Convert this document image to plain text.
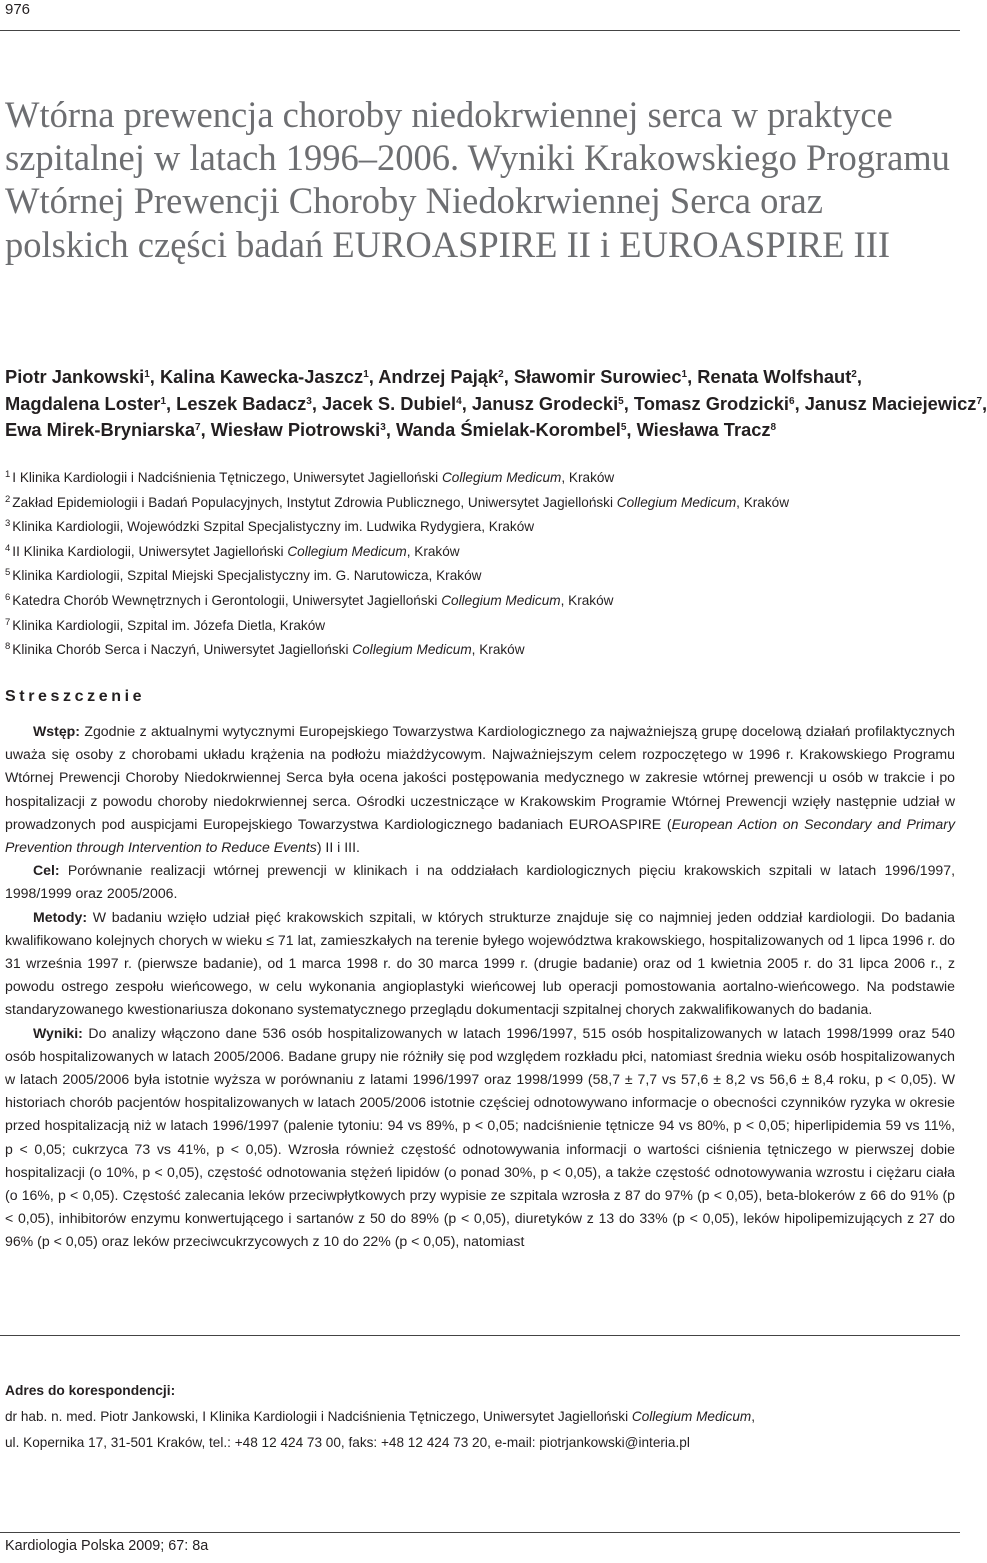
976
Wtórna prewencja choroby niedokrwiennej serca w praktyce szpitalnej w latach 1996–2006. Wyniki Krakowskiego Programu Wtórnej Prewencji Choroby Niedokrwiennej Serca oraz polskich części badań EUROASPIRE II i EUROASPIRE III
Piotr Jankowski$^1$, Kalina Kawecka-Jaszcz$^1$, Andrzej Pająk$^2$, Sławomir Surowiec$^1$, Renata Wolfshaut$^2$,
Magdalena Loster$^1$, Leszek Badacz$^3$, Jacek S. Dubiel$^4$, Janusz Grodecki$^5$, Tomasz Grodzicki$^6$, Janusz Maciejewicz$^7$,
Ewa Mirek-Bryniarska$^7$, Wiesław Piotrowski$^3$, Wanda Śmielak-Korombel$^5$, Wiesława Tracz$^8$
$^1$ I Klinika Kardiologii i Nadciśnienia Tętniczego, Uniwersytet Jagielloński Collegium Medicum, Kraków
$^2$ Zakład Epidemiologii i Badań Populacyjnych, Instytut Zdrowia Publicznego, Uniwersytet Jagielloński Collegium Medicum, Kraków
$^3$ Klinika Kardiologii, Wojewódzki Szpital Specjalistyczny im. Ludwika Rydygiera, Kraków
$^4$ II Klinika Kardiologii, Uniwersytet Jagielloński Collegium Medicum, Kraków
$^5$ Klinika Kardiologii, Szpital Miejski Specjalistyczny im. G. Narutowicza, Kraków
$^6$ Katedra Chorób Wewnętrznych i Gerontologii, Uniwersytet Jagielloński Collegium Medicum, Kraków
$^7$ Klinika Kardiologii, Szpital im. Józefa Dietla, Kraków
$^8$ Klinika Chorób Serca i Naczyń, Uniwersytet Jagielloński Collegium Medicum, Kraków
Streszczenie

Wstęp: Zgodnie z aktualnymi wytycznymi Europejskiego Towarzystwa Kardiologicznego za najważniejszą grupę docelową działań profilaktycznych uważa się osoby z chorobami układu krążenia na podłożu miażdżycowym. Najważniejszym celem rozpoczętego w 1996 r. Krakowskiego Programu Wtórnej Prewencji Choroby Niedokrwiennej Serca była ocena jakości postępowania medycznego w zakresie wtórnej prewencji u osób w trakcie i po hospitalizacji z powodu choroby niedokrwiennej serca. Ośrodki uczestniczące w Krakowskim Programie Wtórnej Prewencji wzięły następnie udział w prowadzonych pod auspicjami Europejskiego Towarzystwa Kardiologicznego badaniach EUROASPIRE (European Action on Secondary and Primary Prevention through Intervention to Reduce Events) II i III.

Cel: Porównanie realizacji wtórnej prewencji w klinikach i na oddziałach kardiologicznych pięciu krakowskich szpitali w latach 1996/1997, 1998/1999 oraz 2005/2006.

Metody: W badaniu wzięło udział pięć krakowskich szpitali, w których strukturze znajduje się co najmniej jeden oddział kardiologii. Do badania kwalifikowano kolejnych chorych w wieku ≤ 71 lat, zamieszkałych na terenie byłego województwa krakowskiego, hospitalizowanych od 1 lipca 1996 r. do 31 września 1997 r. (pierwsze badanie), od 1 marca 1998 r. do 30 marca 1999 r. (drugie badanie) oraz od 1 kwietnia 2005 r. do 31 lipca 2006 r., z powodu ostrego zespołu wieńcowego, w celu wykonania angioplastyki wieńcowej lub operacji pomostowania aortalno-wieńcowego. Na podstawie standaryzowanego kwestionariusza dokonano systematycznego przeglądu dokumentacji szpitalnej chorych zakwalifikowanych do badania.

Wyniki: Do analizy włączono dane 536 osób hospitalizowanych w latach 1996/1997, 515 osób hospitalizowanych w latach 1998/1999 oraz 540 osób hospitalizowanych w latach 2005/2006. Badane grupy nie różniły się pod względem rozkładu płci, natomiast średnia wieku osób hospitalizowanych w latach 2005/2006 była istotnie wyższa w porównaniu z latami 1996/1997 oraz 1998/1999 (58,7 ± 7,7 vs 57,6 ± 8,2 vs 56,6 ± 8,4 roku, p < 0,05). W historiach chorób pacjentów hospitalizowanych w latach 2005/2006 istotnie częściej odnotowywano informacje o obecności czynników ryzyka w okresie przed hospitalizacją niż w latach 1996/1997 (palenie tytoniu: 94 vs 89%, p < 0,05; nadciśnienie tętnicze 94 vs 80%, p < 0,05; hiperlipidemia 59 vs 11%, p < 0,05; cukrzyca 73 vs 41%, p < 0,05). Wzrosła również częstość odnotowywania informacji o wartości ciśnienia tętniczego w pierwszej dobie hospitalizacji (o 10%, p < 0,05), częstość odnotowania stężeń lipidów (o ponad 30%, p < 0,05), a także częstość odnotowywania wzrostu i ciężaru ciała (o 16%, p < 0,05). Częstość zalecania leków przeciwpłytkowych przy wypisie ze szpitala wzrosła z 87 do 97% (p < 0,05), beta-blokerów z 66 do 91% (p < 0,05), inhibitorów enzymu konwertującego i sartanów z 50 do 89% (p < 0,05), diuretyków z 13 do 33% (p < 0,05), leków hipolipemizujących z 27 do 96% (p < 0,05) oraz leków przeciwcukrzycowych z 10 do 22% (p < 0,05), natomiast

Adres do korespondencji:
dr hab. n. med. Piotr Jankowski, I Klinika Kardiologii i Nadciśnienia Tętniczego, Uniwersytet Jagielloński Collegium Medicum,
ul. Kopernika 17, 31-501 Kraków, tel.: +48 12 424 73 00, faks: +48 12 424 73 20, e-mail: piotrjankowski@interia.pl
Kardiologia Polska 2009; 67: 8a
